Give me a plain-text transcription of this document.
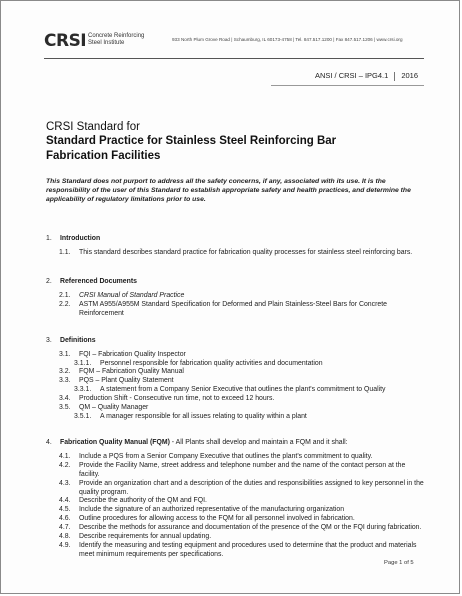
CRSI Concrete Reinforcing
Steel Institute
933 North Plum Grove Road | Schaumburg, IL 60173-4758 | Tel. 847.517.1200 | Fax 847.517.1206 | www.crsi.org
ANSI / CRSI – IPG4.1 2016
CRSI Standard for
Standard Practice for Stainless Steel Reinforcing Bar
Fabrication Facilities
This Standard does not purport to address all the safety concerns, if any, associated with its use. It is the responsibility of the user of this Standard to establish appropriate safety and health practices, and determine the applicability of regulatory limitations prior to use.
1. Introduction
1.1. This standard describes standard practice for fabrication quality processes for stainless steel reinforcing bars.
2. Referenced Documents
2.1. CRSI Manual of Standard Practice
2.2. ASTM A955/A955M Standard Specification for Deformed and Plain Stainless-Steel Bars for Concrete Reinforcement
3. Definitions
3.1. FQI – Fabrication Quality Inspector
3.1.1. Personnel responsible for fabrication quality activities and documentation
3.2. FQM – Fabrication Quality Manual
3.3. PQS – Plant Quality Statement
3.3.1. A statement from a Company Senior Executive that outlines the plant's commitment to Quality
3.4. Production Shift - Consecutive run time, not to exceed 12 hours.
3.5. QM – Quality Manager
3.5.1. A manager responsible for all issues relating to quality within a plant
4. Fabrication Quality Manual (FQM) - All Plants shall develop and maintain a FQM and it shall:
4.1. Include a PQS from a Senior Company Executive that outlines the plant's commitment to quality.
4.2. Provide the Facility Name, street address and telephone number and the name of the contact person at the facility.
4.3. Provide an organization chart and a description of the duties and responsibilities assigned to key personnel in the quality program.
4.4. Describe the authority of the QM and FQI.
4.5. Include the signature of an authorized representative of the manufacturing organization
4.6. Outline procedures for allowing access to the FQM for all personnel involved in fabrication.
4.7. Describe the methods for assurance and documentation of the presence of the QM or the FQI during fabrication.
4.8. Describe requirements for annual updating.
4.9. Identify the measuring and testing equipment and procedures used to determine that the product and materials meet minimum requirements per specifications.
Page 1 of 5
